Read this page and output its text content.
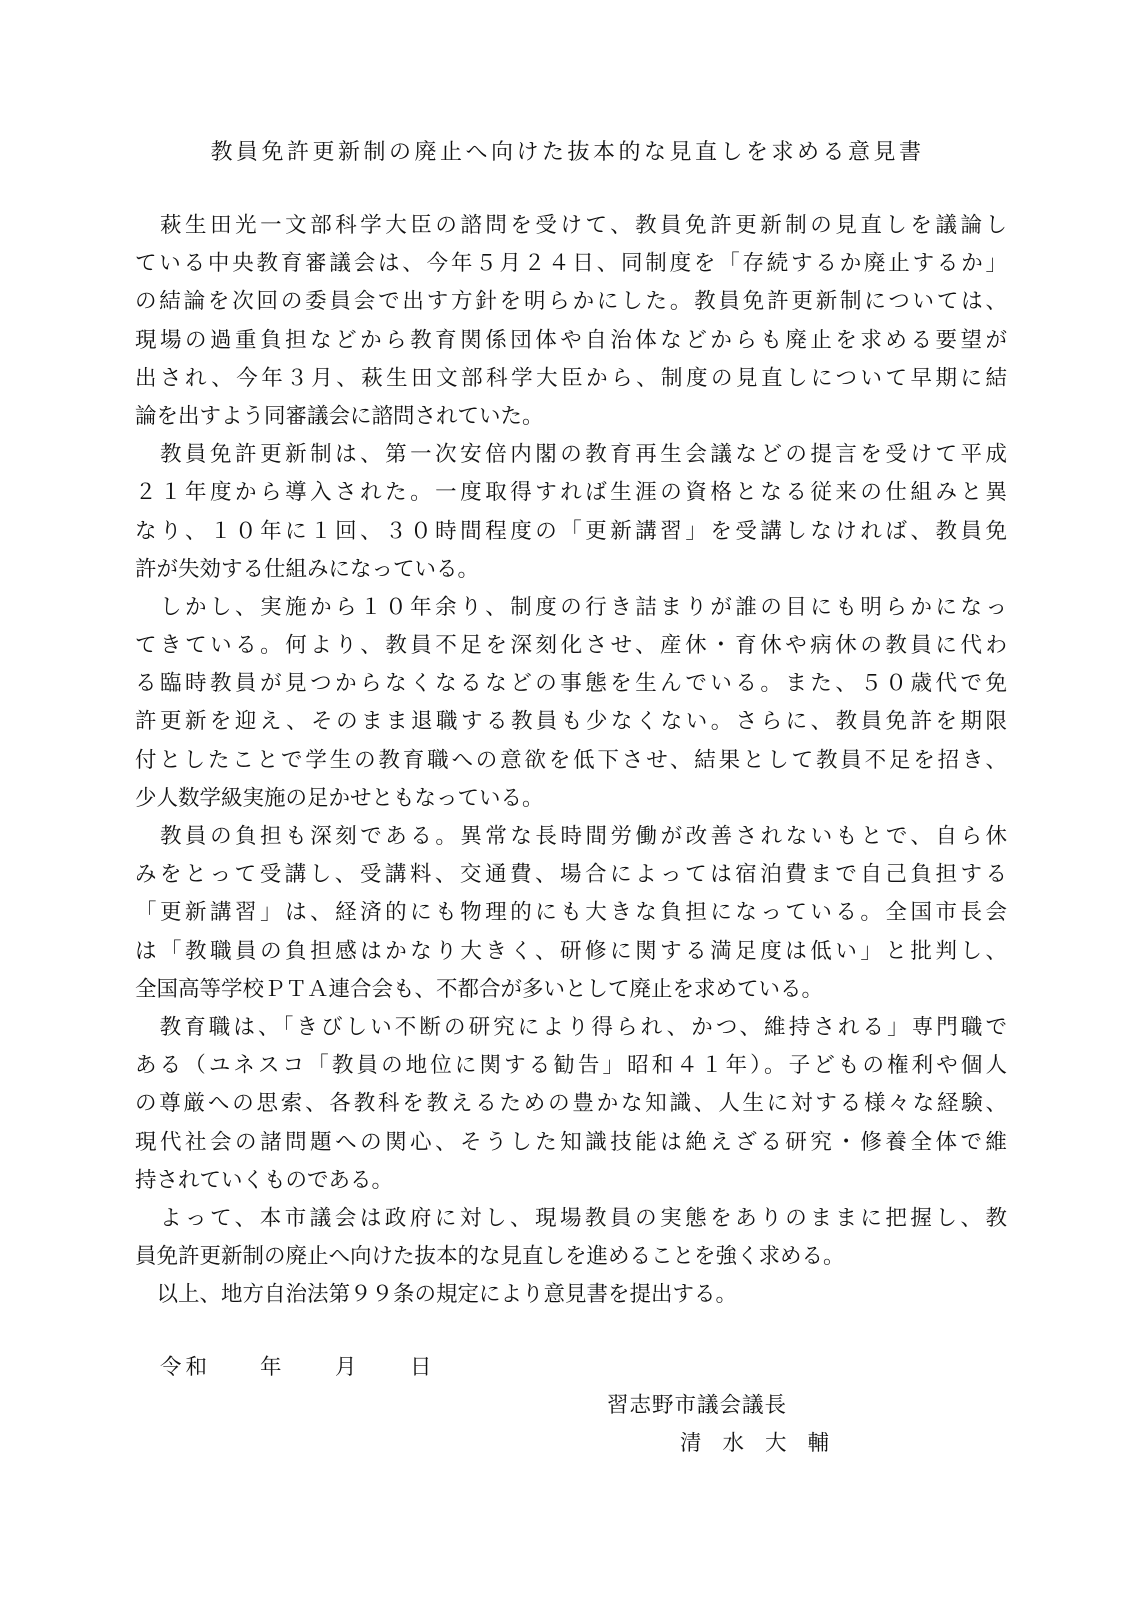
教員免許更新制の廃止へ向けた抜本的な見直しを求める意見書
　萩生田光一文部科学大臣の諮問を受けて、教員免許更新制の見直しを議論し
ている中央教育審議会は、今年５月２４日、同制度を「存続するか廃止するか」
の結論を次回の委員会で出す方針を明らかにした。教員免許更新制については、
現場の過重負担などから教育関係団体や自治体などからも廃止を求める要望が
出され、今年３月、萩生田文部科学大臣から、制度の見直しについて早期に結
論を出すよう同審議会に諮問されていた。
　教員免許更新制は、第一次安倍内閣の教育再生会議などの提言を受けて平成
２１年度から導入された。一度取得すれば生涯の資格となる従来の仕組みと異
なり、１０年に１回、３０時間程度の「更新講習」を受講しなければ、教員免
許が失効する仕組みになっている。
　しかし、実施から１０年余り、制度の行き詰まりが誰の目にも明らかになっ
てきている。何より、教員不足を深刻化させ、産休・育休や病休の教員に代わ
る臨時教員が見つからなくなるなどの事態を生んでいる。また、５０歳代で免
許更新を迎え、そのまま退職する教員も少なくない。さらに、教員免許を期限
付としたことで学生の教育職への意欲を低下させ、結果として教員不足を招き、
少人数学級実施の足かせともなっている。
　教員の負担も深刻である。異常な長時間労働が改善されないもとで、自ら休
みをとって受講し、受講料、交通費、場合によっては宿泊費まで自己負担する
「更新講習」は、経済的にも物理的にも大きな負担になっている。全国市長会
は「教職員の負担感はかなり大きく、研修に関する満足度は低い」と批判し、
全国高等学校ＰＴＡ連合会も、不都合が多いとして廃止を求めている。
　教育職は、「きびしい不断の研究により得られ、かつ、維持される」専門職で
ある（ユネスコ「教員の地位に関する勧告」昭和４１年）。子どもの権利や個人
の尊厳への思索、各教科を教えるための豊かな知識、人生に対する様々な経験、
現代社会の諸問題への関心、そうした知識技能は絶えざる研究・修養全体で維
持されていくものである。
　よって、本市議会は政府に対し、現場教員の実態をありのままに把握し、教
員免許更新制の廃止へ向けた抜本的な見直しを進めることを強く求める。
　以上、地方自治法第９９条の規定により意見書を提出する。
令和 年 月 日
習志野市議会議長
清水大輔
